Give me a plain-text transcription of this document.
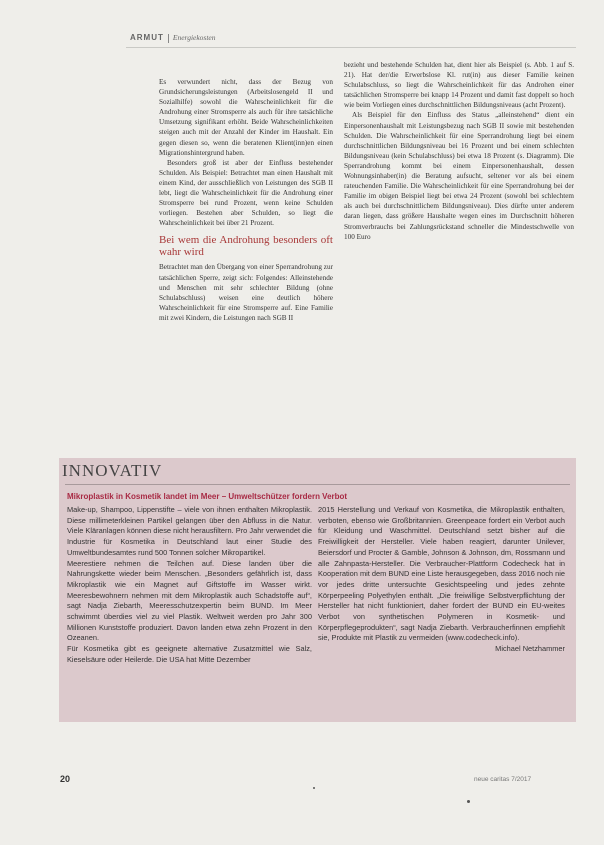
ARMUT Energiekosten

Es verwundert nicht, dass der Bezug von Grundsicherungsleistungen (Arbeitslosengeld II und Sozialhilfe) sowohl die Wahrscheinlichkeit für die Androhung einer Stromsperre als auch für ihre tatsächliche Umsetzung signifikant erhöht. Beide Wahrscheinlichkeiten steigen auch mit der Anzahl der Kinder im Haushalt. Ein gegen diesen so, wenn die beratenen Klient(inn)en einen Migrationshintergrund haben.

Besonders groß ist aber der Einfluss bestehender Schulden. Als Beispiel: Betrachtet man einen Haushalt mit einem Kind, der ausschließlich von Leistungen des SGB II lebt, liegt die Wahrscheinlichkeit für die Androhung einer Stromsperre bei rund Prozent, wenn keine Schulden vorliegen. Bestehen aber Schulden, so liegt die Wahrscheinlichkeit bei über 21 Prozent.

Bei wem die Androhung besonders oft wahr wird

Betrachtet man den Übergang von einer Sperrandrohung zur tatsächlichen Sperre, zeigt sich: Folgendes: Alleinstehende und Menschen mit sehr schlechter Bildung (ohne Schulabschluss) weisen eine deutlich höhere Wahrscheinlichkeit für eine Stromsperre auf. Eine Familie mit zwei Kindern, die Leistungen nach SGB II

bezieht und bestehende Schulden hat, dient hier als Beispiel (s. Abb. 1 auf S. 21). Hat der/die Erwerbslose Kl. rut(in) aus dieser Familie keinen Schulabschluss, so liegt die Wahrscheinlichkeit für das Androhen einer tatsächlichen Stromsperre bei knapp 14 Prozent und damit fast doppelt so hoch wie beim Vorliegen eines durchschnittlichen Bildungsniveaus (acht Prozent).

Als Beispiel für den Einfluss des Status „alleinstehend“ dient ein Einpersonenhaushalt mit Leistungsbezug nach SGB II sowie mit bestehenden Schulden. Die Wahrscheinlichkeit für eine Sperrandrohung liegt bei einem durchschnittlichen Bildungsniveau bei 16 Prozent und bei einem schlechten Bildungsniveau (kein Schulabschluss) bei etwa 18 Prozent (s. Diagramm). Die Sperrandrohung kommt bei einem Einpersonenhaushalt, dessen Wohnungsinhaber(in) die Beratung aufsucht, seltener vor als bei einem rateuchenden Familie. Die Wahrscheinlichkeit für eine Sperrandrohung bei der Familie im obigen Beispiel liegt bei etwa 24 Prozent (sowohl bei schlechtem als auch bei durchschnittlichem Bildungsniveau). Dies dürfte unter anderem daran liegen, dass größere Haushalte wegen eines im Durchschnitt höheren Stromverbrauchs bei Zahlungsrückstand schneller die Mindestschwelle von 100 Euro

INNOVATIV
Mikroplastik in Kosmetik landet im Meer – Umweltschützer fordern Verbot

Make-up, Shampoo, Lippenstifte – viele von ihnen enthalten Mikroplastik. Diese millimeterkleinen Partikel gelangen über den Abfluss in die Natur. Viele Kläranlagen können diese nicht herausfiltern. Pro Jahr verwendet die Industrie für Kosmetika in Deutschland laut einer Studie des Umweltbundesamtes rund 500 Tonnen solcher Mikropartikel.

Meerestiere nehmen die Teilchen auf. Diese landen über die Nahrungskette wieder beim Menschen. „Besonders gefährlich ist, dass Mikroplastik wie ein Magnet auf Giftstoffe im Wasser wirkt. Meeresbewohnern nehmen mit dem Mikroplastik auch Schadstoffe auf“, sagt Nadja Ziebarth, Meeresschutzexpertin beim BUND. Im Meer schwimmt überdies viel zu viel Plastik. Weltweit werden pro Jahr 300 Millionen Kunststoffe produziert. Davon landen etwa zehn Prozent in den Ozeanen.

Für Kosmetika gibt es geeignete alternative Zusatzmittel wie Salz, Kieselsäure oder Heilerde. Die USA hat Mitte Dezember

2015 Herstellung und Verkauf von Kosmetika, die Mikroplastik enthalten, verboten, ebenso wie Großbritannien. Greenpeace fordert ein Verbot auch für Kleidung und Waschmittel. Deutschland setzt bisher auf die Freiwilligkeit der Hersteller. Viele haben reagiert, darunter Unilever, Beiersdorf und Procter & Gamble, Johnson & Johnson, dm, Rossmann und alle Zahnpasta-Hersteller. Die Verbraucher-Plattform Codecheck hat in Kooperation mit dem BUND eine Liste herausgegeben, dass 2016 noch nie vor jedes dritte untersuchte Gesichtspeeling und jedes zehnte Körperpeeling Polyethylen enthält. „Die freiwillige Selbstverpflichtung der Hersteller hat nicht funktioniert, daher fordert der BUND ein EU-weites Verbot von synthetischen Polymeren in Kosmetik- und Körperpflegeprodukten“, sagt Nadja Ziebarth. Verbraucherfinnen empfiehlt sie, Produkte mit Plastik zu vermeiden (www.codecheck.info).

Michael Netzhammer

20	neue caritas 7/2017
